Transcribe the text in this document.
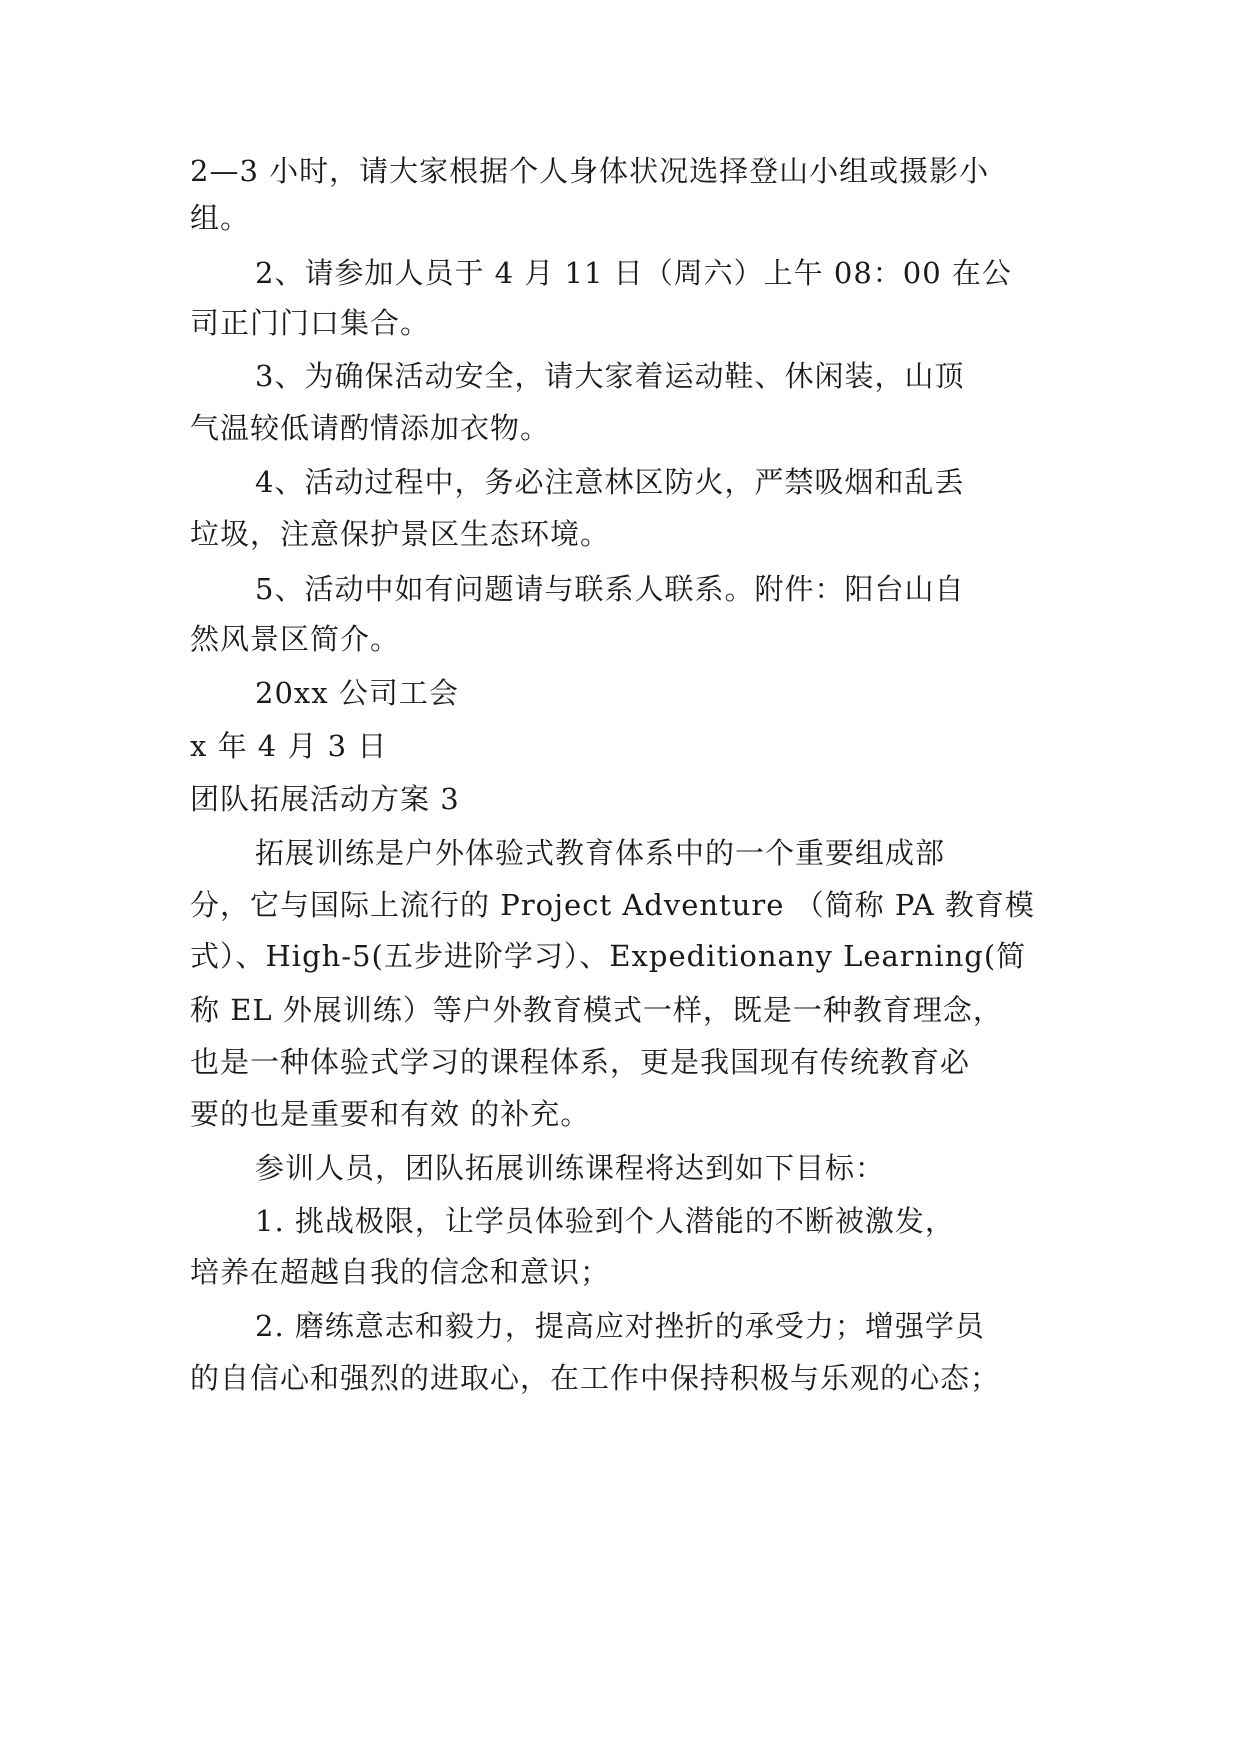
2—3 小时，请大家根据个人身体状况选择登山小组或摄影小
组。
2、请参加人员于 4 月 11 日（周六）上午 08：00 在公
司正门门口集合。
3、为确保活动安全，请大家着运动鞋、休闲装，山顶
气温较低请酌情添加衣物。
4、活动过程中，务必注意林区防火，严禁吸烟和乱丢
垃圾，注意保护景区生态环境。
5、活动中如有问题请与联系人联系。附件：阳台山自
然风景区简介。
20xx 公司工会
x 年 4 月 3 日
团队拓展活动方案 3
拓展训练是户外体验式教育体系中的一个重要组成部
分，它与国际上流行的 Project Adventure （简称 PA 教育模
式）、High-5(五步进阶学习）、Expeditionany Learning(简
称 EL 外展训练）等户外教育模式一样，既是一种教育理念，
也是一种体验式学习的课程体系，更是我国现有传统教育必
要的也是重要和有效 的补充。
参训人员，团队拓展训练课程将达到如下目标：
1. 挑战极限，让学员体验到个人潜能的不断被激发，
培养在超越自我的信念和意识；
2. 磨练意志和毅力，提高应对挫折的承受力；增强学员
的自信心和强烈的进取心，在工作中保持积极与乐观的心态；
